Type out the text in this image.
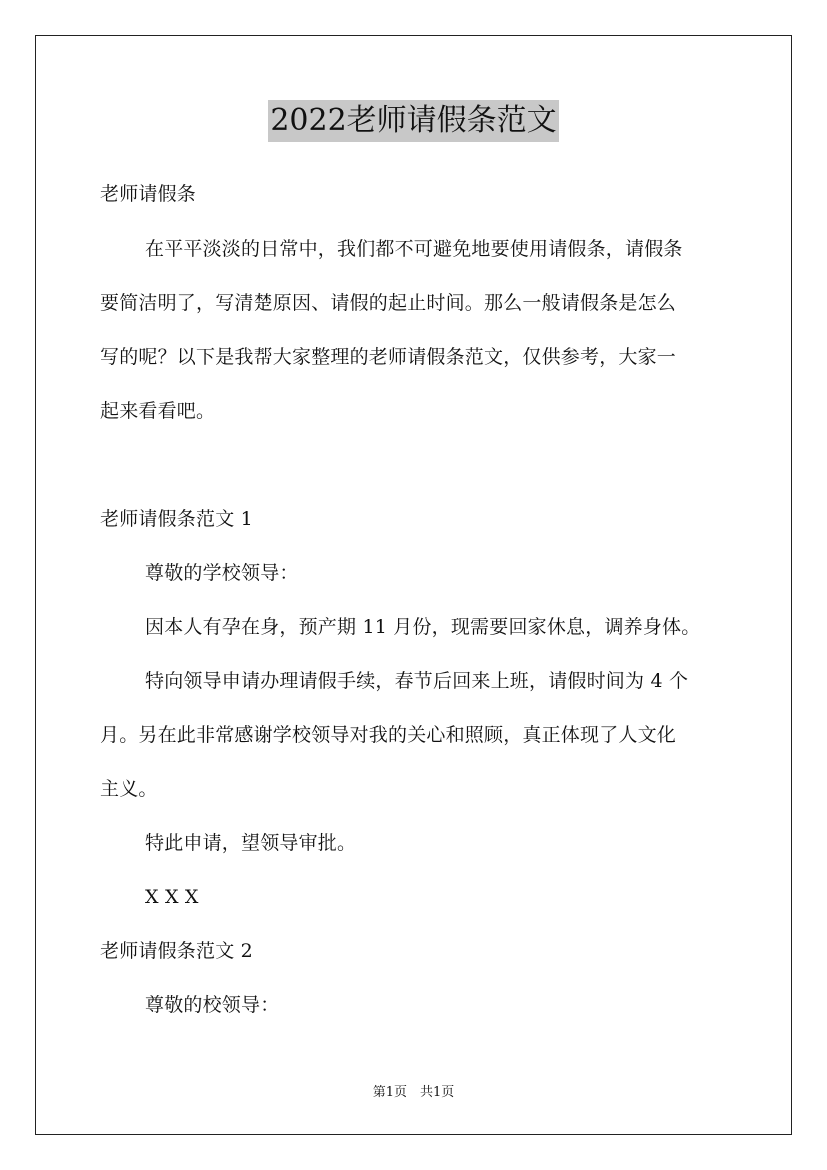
2022老师请假条范文
老师请假条
在平平淡淡的日常中，我们都不可避免地要使用请假条，请假条
要简洁明了，写清楚原因、请假的起止时间。那么一般请假条是怎么
写的呢？以下是我帮大家整理的老师请假条范文，仅供参考，大家一
起来看看吧。
老师请假条范文 1
尊敬的学校领导：
因本人有孕在身，预产期 11 月份，现需要回家休息，调养身体。
特向领导申请办理请假手续，春节后回来上班，请假时间为 4 个
月。另在此非常感谢学校领导对我的关心和照顾，真正体现了人文化
主义。
特此申请，望领导审批。
X X X
老师请假条范文 2
尊敬的校领导：
第1页　共1页
